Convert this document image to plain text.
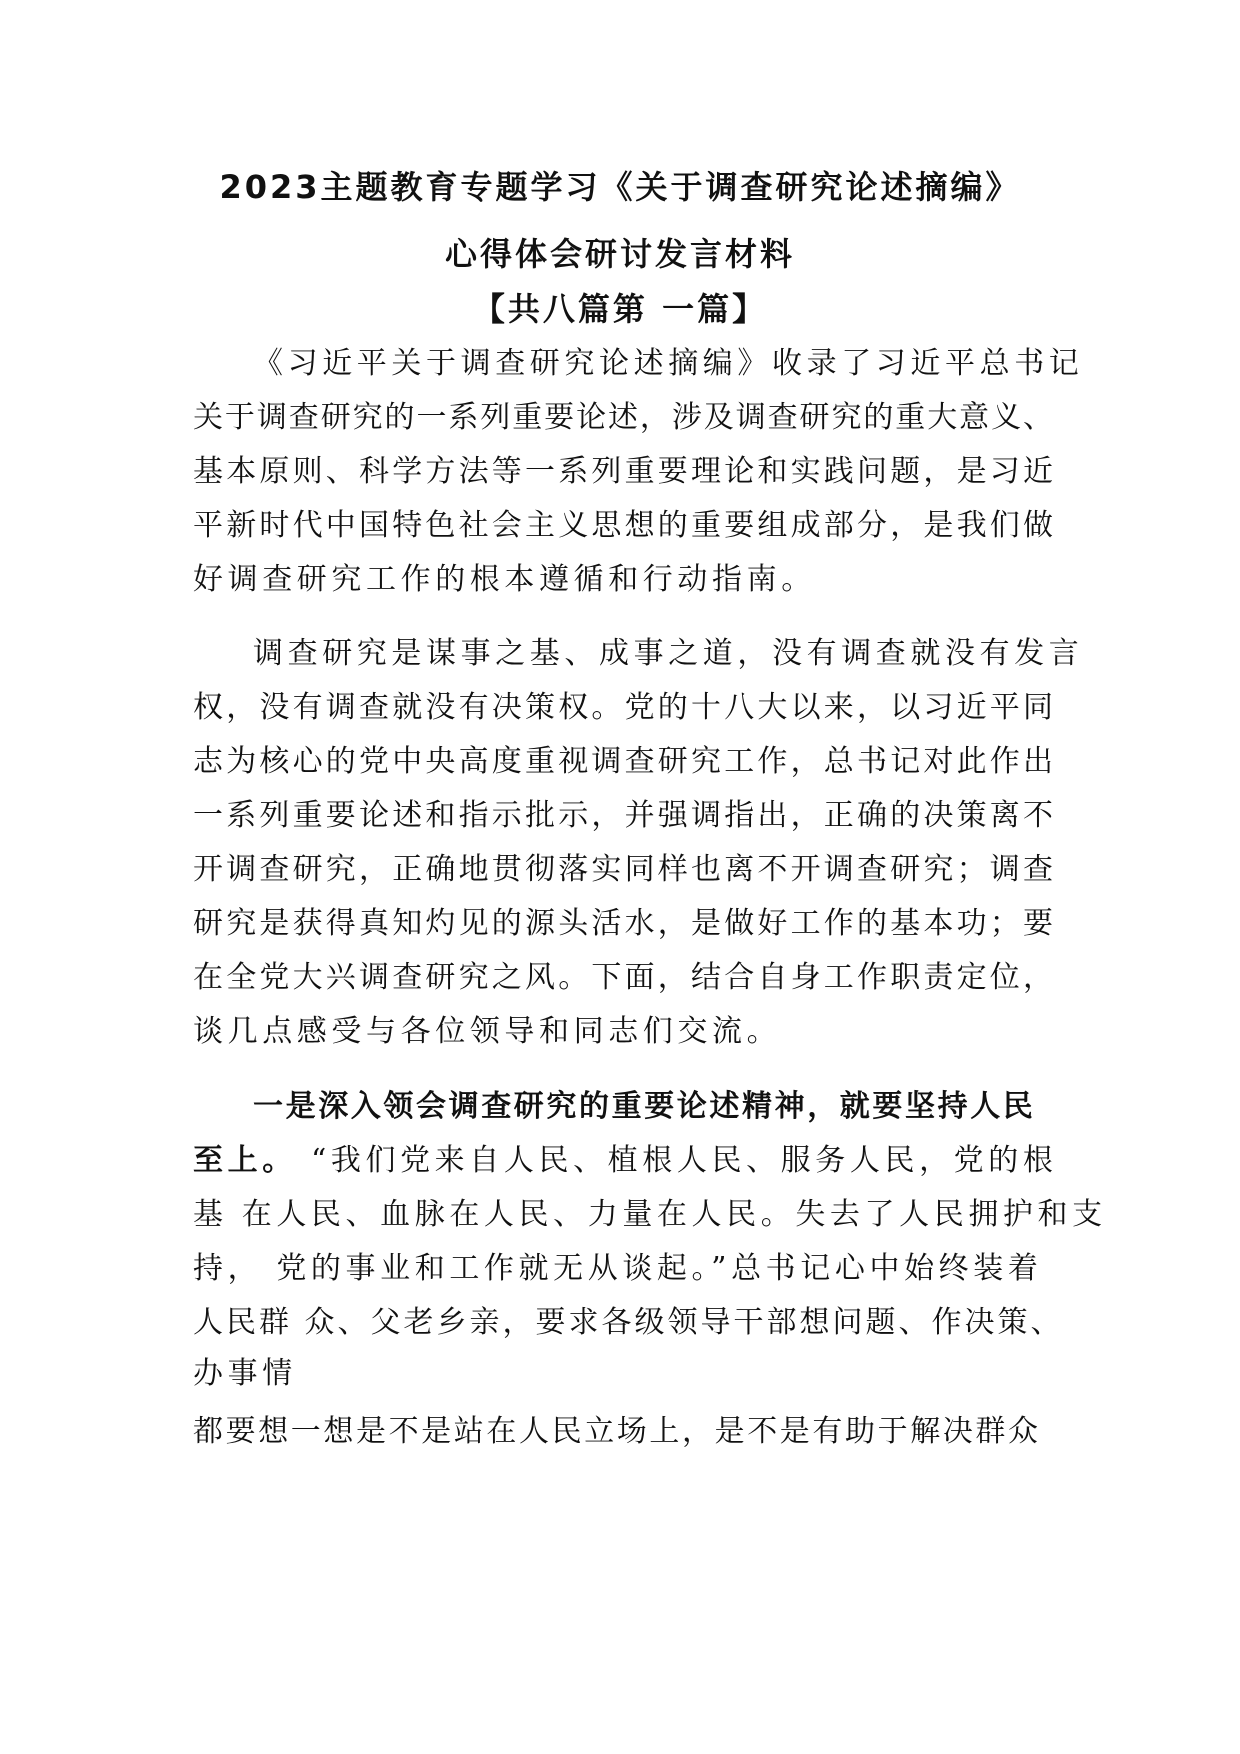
2023主题教育专题学习《关于调查研究论述摘编》
心得体会研讨发言材料
【共八篇第 一篇】
《习近平关于调查研究论述摘编》收录了习近平总书记
关于调查研究的一系列重要论述，涉及调查研究的重大意义、
基本原则、科学方法等一系列重要理论和实践问题，是习近
平新时代中国特色社会主义思想的重要组成部分，是我们做
好调查研究工作的根本遵循和行动指南。
调查研究是谋事之基、成事之道，没有调查就没有发言
权，没有调查就没有决策权。党的十八大以来，以习近平同
志为核心的党中央高度重视调查研究工作，总书记对此作出
一系列重要论述和指示批示，并强调指出，正确的决策离不
开调查研究，正确地贯彻落实同样也离不开调查研究；调查
研究是获得真知灼见的源头活水，是做好工作的基本功；要
在全党大兴调查研究之风。下面，结合自身工作职责定位，
谈几点感受与各位领导和同志们交流。
一是深入领会调查研究的重要论述精神，就要坚持人民
至上。 “我们党来自人民、植根人民、服务人民，党的根
基 在人民、血脉在人民、力量在人民。失去了人民拥护和支
持， 党的事业和工作就无从谈起。”总书记心中始终装着
人民群 众、父老乡亲，要求各级领导干部想问题、作决策、
办事情
都要想一想是不是站在人民立场上，是不是有助于解决群众
